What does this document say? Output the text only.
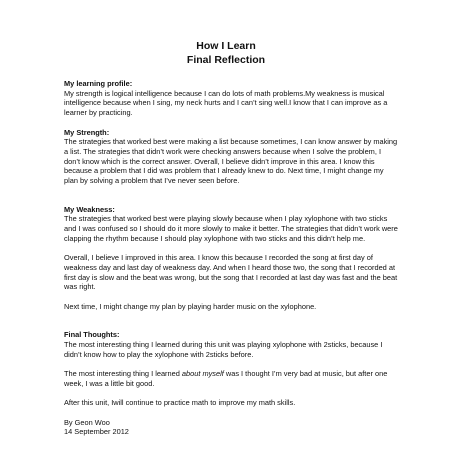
How I Learn
Final Reflection
My learning profile:

My strength is logical intelligence because I can do lots of math problems.My weakness is musical intelligence because when I sing, my neck hurts and I can’t sing well.I know that I can improve as a learner by practicing.

My Strength:

The strategies that worked best were making a list because sometimes, I can know answer by making a list. The strategies that didn’t work were checking answers because when I solve the problem, I don’t know which is the correct answer. Overall, I believe didn’t improve in this area. I know this because a problem that I did was problem that I already knew to do. Next time, I might change my plan by solving a problem that I’ve never seen before.

My Weakness:

The strategies that worked best were playing slowly because when I play xylophone with two sticks and I was confused so I should do it more slowly to make it better. The strategies that didn’t work were clapping the rhythm because I should play xylophone with two sticks and this didn’t help me.

Overall, I believe I improved in this area. I know this because I recorded the song at first day of weakness day and last day of weakness day. And when I heard those two, the song that I recorded at first day is slow and the beat was wrong, but the song that I recorded at last day was fast and the beat was right.

Next time, I might change my plan by playing harder music on the xylophone.

Final Thoughts:

The most interesting thing I learned during this unit was playing xylophone with 2sticks, because I didn’t know how to play the xylophone with 2sticks before.

The most interesting thing I learned about myself was I thought I’m very bad at music, but after one week, I was a little bit good.

After this unit, Iwill continue to practice math to improve my math skills.

By Geon Woo

14 September 2012
